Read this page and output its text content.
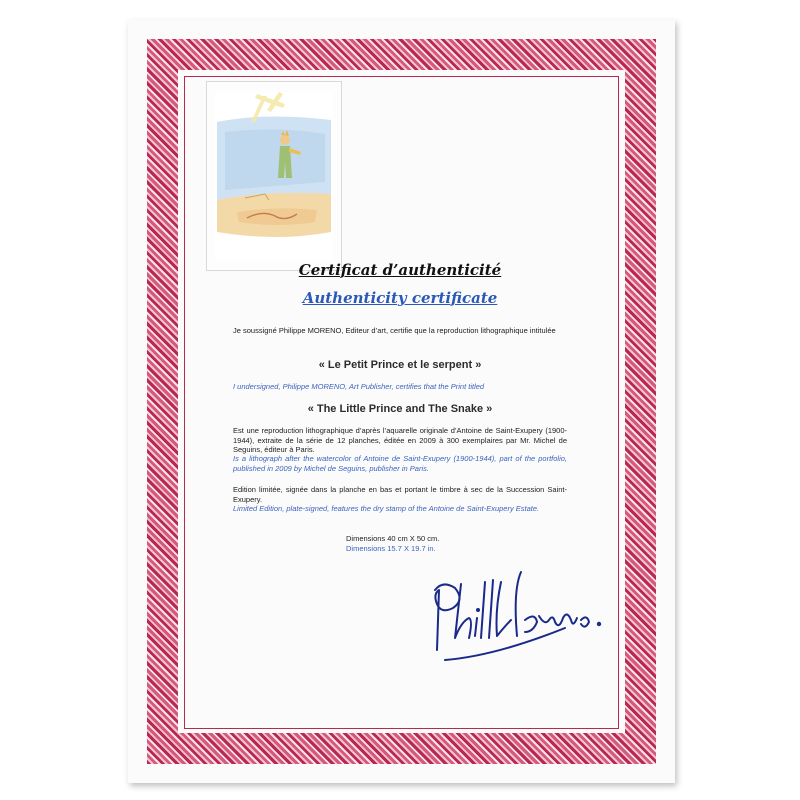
Certificat d’authenticité
Authenticity certificate
Je soussigné Philippe MORENO, Editeur d’art, certifie que la reproduction lithographique intitulée
« Le Petit Prince et le serpent »
I undersigned, Philippe MORENO, Art Publisher, certifies that the Print titled
« The Little Prince and The Snake »
Est une reproduction lithographique d’après l’aquarelle originale d’Antoine de Saint-Exupery (1900-1944), extraite de la série de 12 planches, éditée en 2009 à 300 exemplaires par Mr. Michel de Seguins, éditeur à Paris.
Is a lithograph after the watercolor of Antoine de Saint-Exupery (1900-1944), part of the portfolio, published in 2009 by Michel de Seguins, publisher in Paris.
Edition limitée, signée dans la planche en bas et portant le timbre à sec de la Succession Saint-Exupery.
Limited Edition, plate-signed, features the dry stamp of the Antoine de Saint-Exupery Estate.
Dimensions 40 cm X 50 cm.
Dimensions 15.7 X 19.7 in.
